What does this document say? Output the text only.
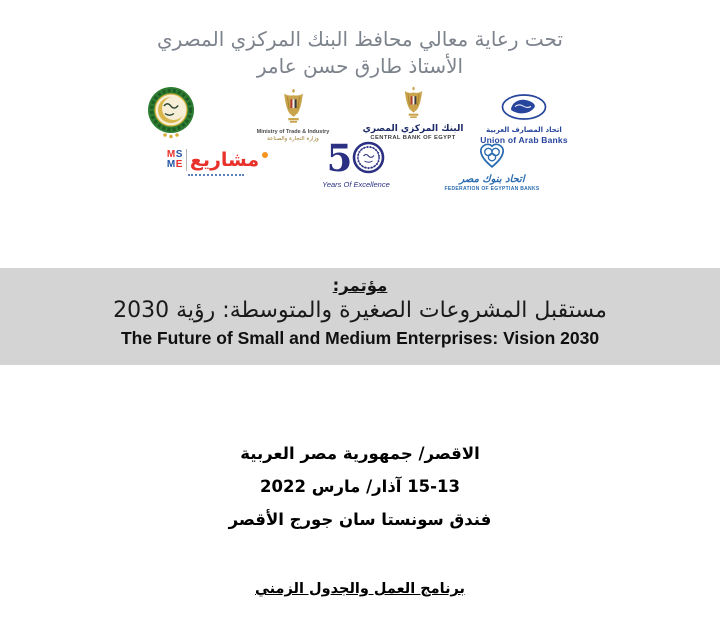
تحت رعاية معالي محافظ البنك المركزي المصري
الأستاذ طارق حسن عامر
Ministry of Trade & Industry
وزارة التجارة والصناعة
البنك المركزي المصري
CENTRAL BANK OF EGYPT
اتحاد المصارف العربية
Union of Arab Banks
مشاريع
MS
ME	5
Years Of Excellence	اتحاد بنوك مصر
FEDERATION OF EGYPTIAN BANKS
مؤتمر:
مستقبل المشروعات الصغيرة والمتوسطة: رؤية 2030
The Future of Small and Medium Enterprises: Vision 2030
الاقصر/ جمهورية مصر العربية
15-13 آذار/ مارس 2022
فندق سونستا سان جورج الأقصر
برنامج العمل والجدول الزمني
